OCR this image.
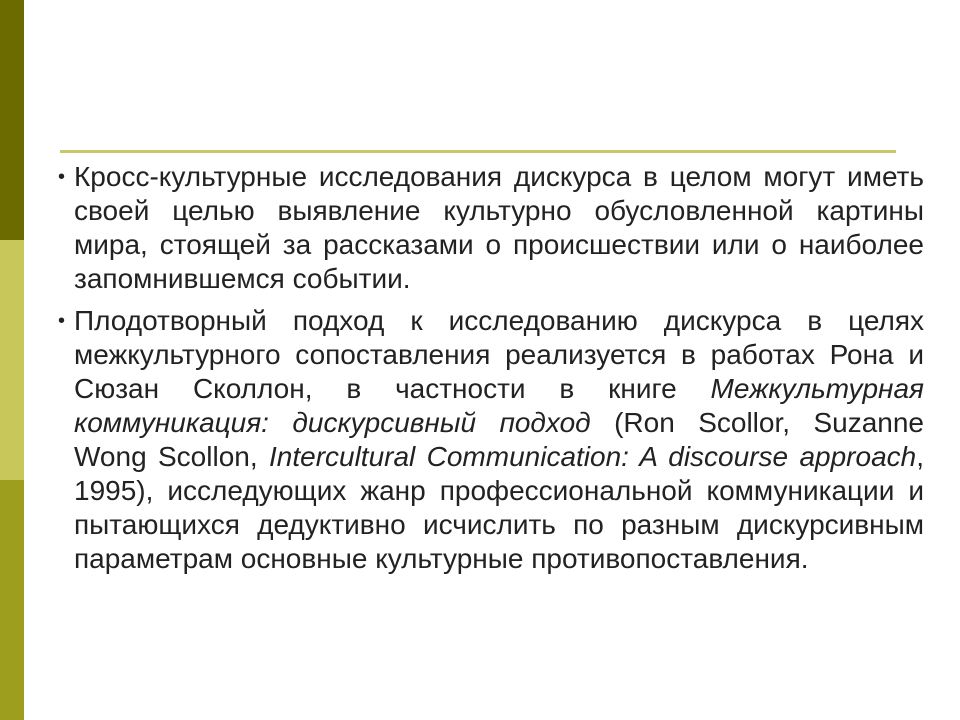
• Кросс-культурные исследования дискурса в целом могут иметь своей целью выявление культурно обусловленной картины мира, стоящей за рассказами о происшествии или о наиболее запомнившемся событии.
• Плодотворный подход к исследованию дискурса в целях межкультурного сопоставления реализуется в работах Рона и Сюзан Сколлон, в частности в книге Межкультурная коммуникация: дискурсивный подход (Ron Scollor, Suzanne Wong Scollon, Intercultural Communication: A discourse approach, 1995), исследующих жанр профессиональной коммуникации и пытающихся дедуктивно исчислить по разным дискурсивным параметрам основные культурные противопоставления.
